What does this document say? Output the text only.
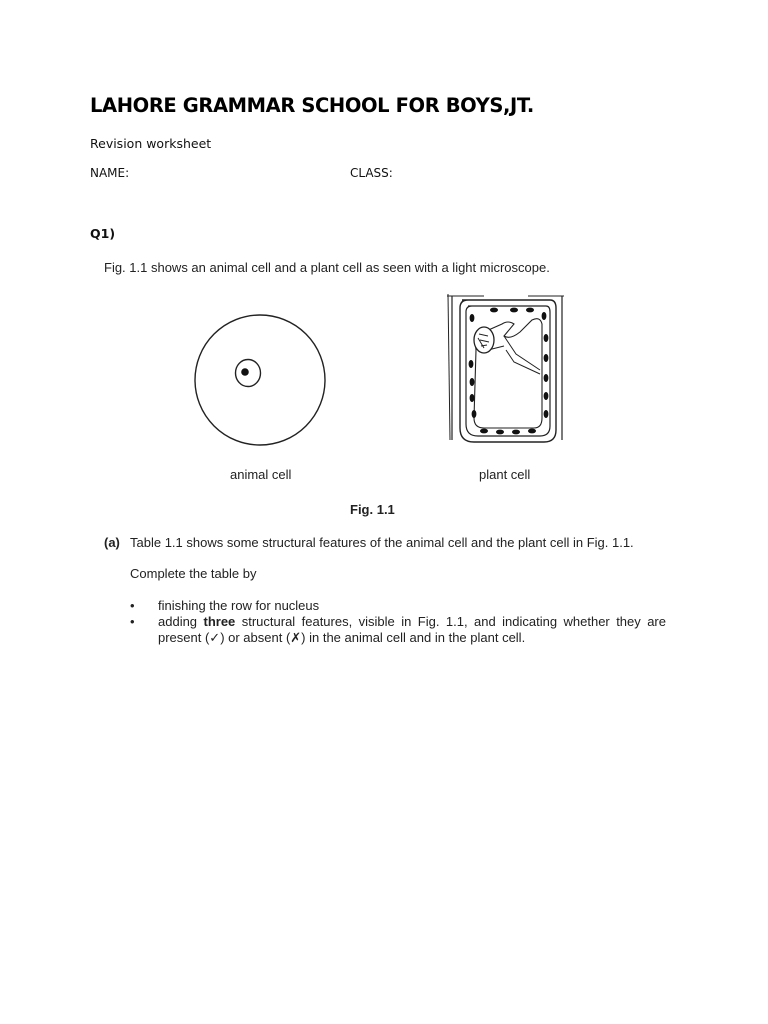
LAHORE GRAMMAR SCHOOL FOR BOYS,JT.
Revision worksheet
NAME:	CLASS:
Q1)
Fig. 1.1 shows an animal cell and a plant cell as seen with a light microscope.
animal cell	plant cell
Fig. 1.1
(a) Table 1.1 shows some structural features of the animal cell and the plant cell in Fig. 1.1.
Complete the table by
• finishing the row for nucleus
• adding three structural features, visible in Fig. 1.1, and indicating whether they are present (✓) or absent (✗) in the animal cell and in the plant cell.
